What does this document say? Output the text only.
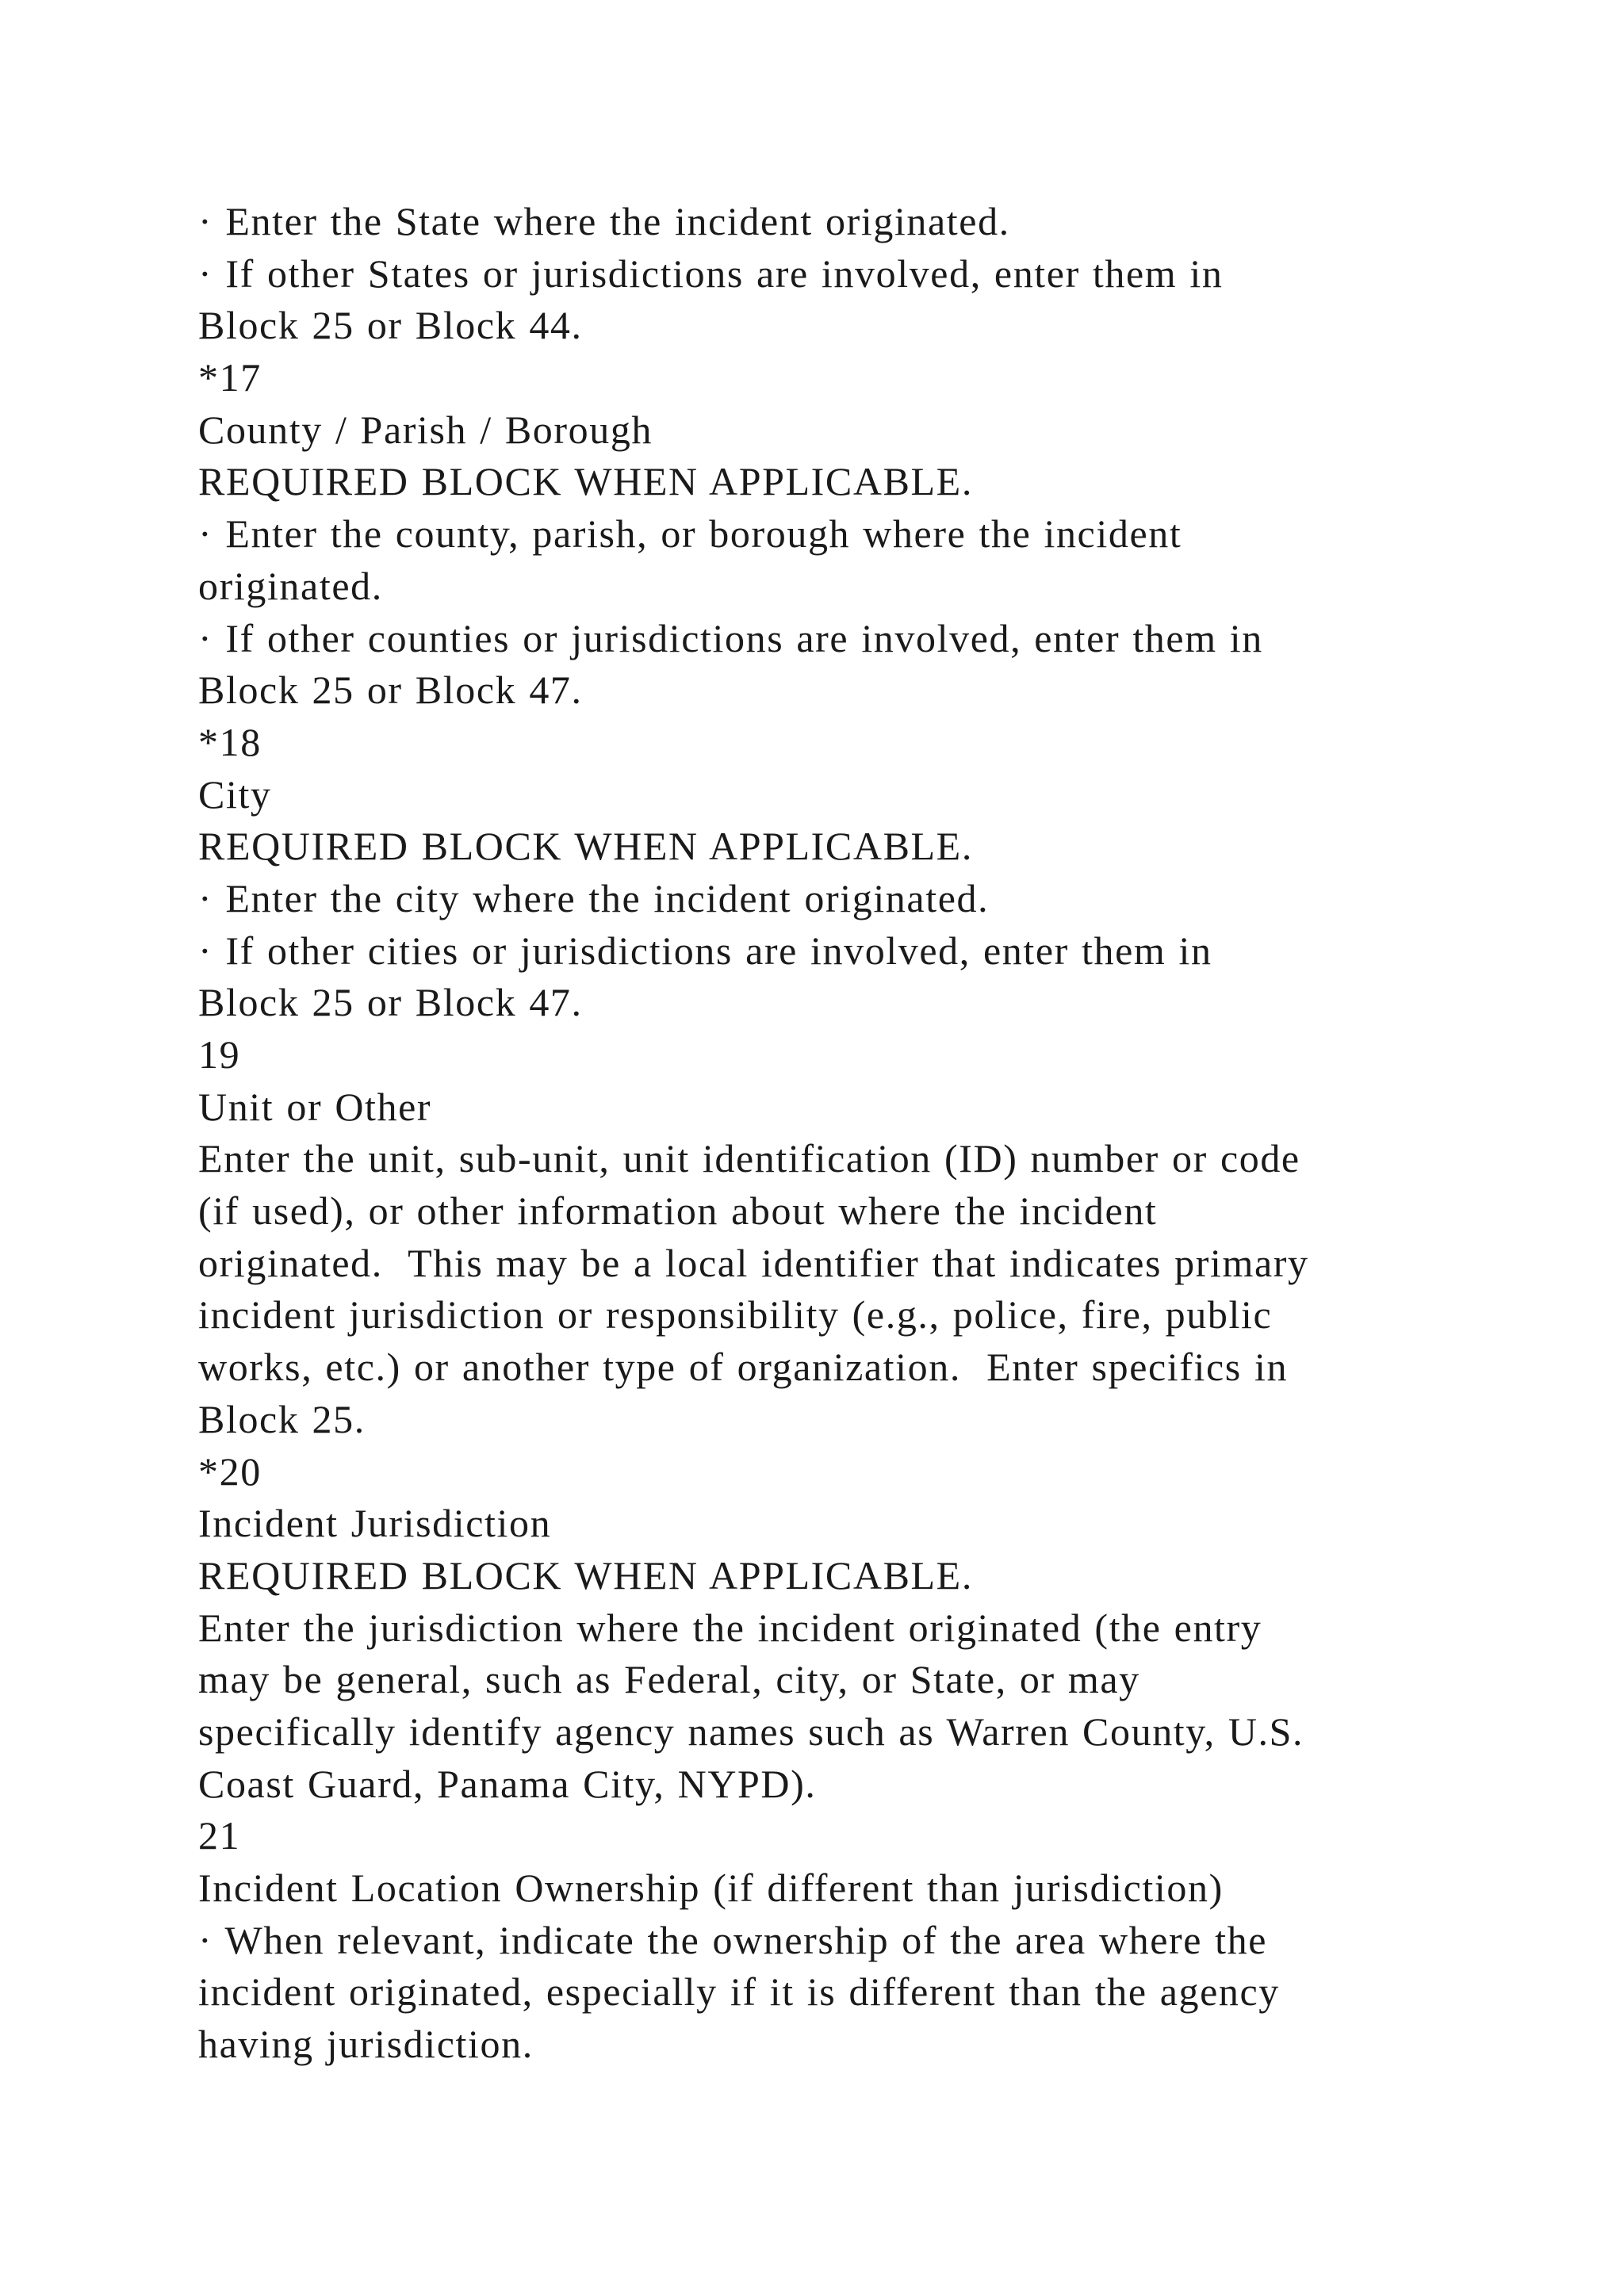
· Enter the State where the incident originated.
· If other States or jurisdictions are involved, enter them in
Block 25 or Block 44.
*17
County / Parish / Borough
REQUIRED BLOCK WHEN APPLICABLE.
· Enter the county, parish, or borough where the incident
originated.
· If other counties or jurisdictions are involved, enter them in
Block 25 or Block 47.
*18
City
REQUIRED BLOCK WHEN APPLICABLE.
· Enter the city where the incident originated.
· If other cities or jurisdictions are involved, enter them in
Block 25 or Block 47.
19
Unit or Other
Enter the unit, sub-unit, unit identification (ID) number or code
(if used), or other information about where the incident
originated.  This may be a local identifier that indicates primary
incident jurisdiction or responsibility (e.g., police, fire, public
works, etc.) or another type of organization.  Enter specifics in
Block 25.
*20
Incident Jurisdiction
REQUIRED BLOCK WHEN APPLICABLE.
Enter the jurisdiction where the incident originated (the entry
may be general, such as Federal, city, or State, or may
specifically identify agency names such as Warren County, U.S.
Coast Guard, Panama City, NYPD).
21
Incident Location Ownership (if different than jurisdiction)
· When relevant, indicate the ownership of the area where the
incident originated, especially if it is different than the agency
having jurisdiction.
